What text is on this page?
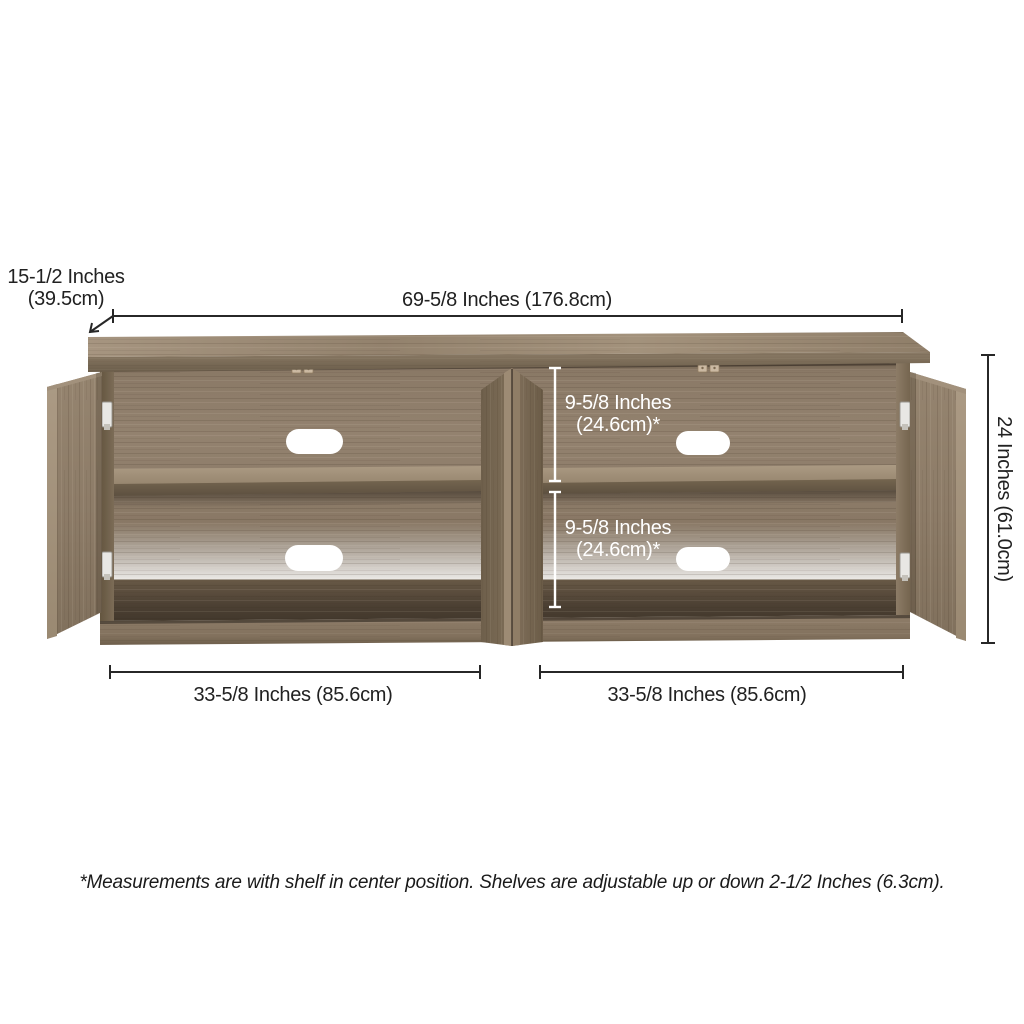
15-1/2 Inches
(39.5cm)	69-5/8 Inches (176.8cm)
24 Inches (61.0cm)
9-5/8 Inches
(24.6cm)*
9-5/8 Inches
(24.6cm)*
33-5/8 Inches (85.6cm)	33-5/8 Inches (85.6cm)
*Measurements are with shelf in center position. Shelves are adjustable up or down 2-1/2 Inches (6.3cm).
